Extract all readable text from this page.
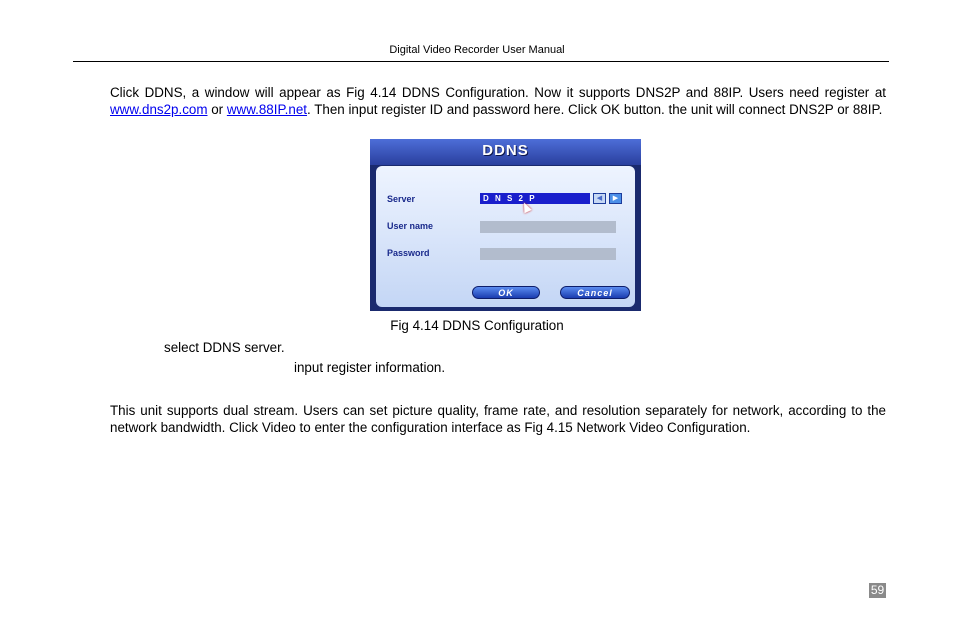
Digital Video Recorder User Manual

Click DDNS, a window will appear as Fig 4.14 DDNS Configuration. Now it supports DNS2P and 88IP. Users need register at www.dns2p.com or www.88IP.net. Then input register ID and password here. Click OK button. the unit will connect DNS2P or 88IP.

DDNS
Server	D N S 2 P	◀	▶
User name
Password
OK	Cancel
Fig 4.14 DDNS Configuration
select DDNS server.
input register information.

This unit supports dual stream. Users can set picture quality, frame rate, and resolution separately for network, according to the network bandwidth. Click Video to enter the configuration interface as Fig 4.15 Network Video Configuration.

59
